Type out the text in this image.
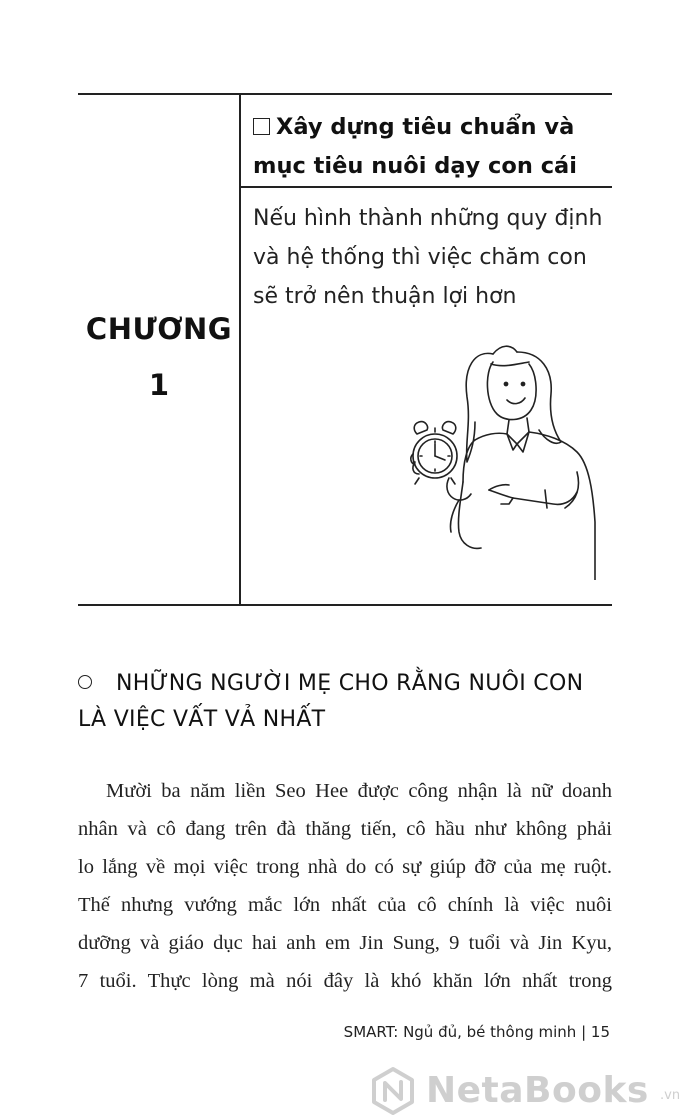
CHƯƠNG
1
Xây dựng tiêu chuẩn và mục tiêu nuôi dạy con cái
Nếu hình thành những quy định và hệ thống thì việc chăm con sẽ trở nên thuận lợi hơn
NHỮNG NGƯỜI MẸ CHO RẰNG NUÔI CON
LÀ VIỆC VẤT VẢ NHẤT
Mười ba năm liền Seo Hee được công nhận là nữ doanh
nhân và cô đang trên đà thăng tiến, cô hầu như không phải
lo lắng về mọi việc trong nhà do có sự giúp đỡ của mẹ ruột.
Thế nhưng vướng mắc lớn nhất của cô chính là việc nuôi
dưỡng và giáo dục hai anh em Jin Sung, 9 tuổi và Jin Kyu,
7 tuổi. Thực lòng mà nói đây là khó khăn lớn nhất trong
SMART: Ngủ đủ, bé thông minh | 15
NetaBooks .vn
